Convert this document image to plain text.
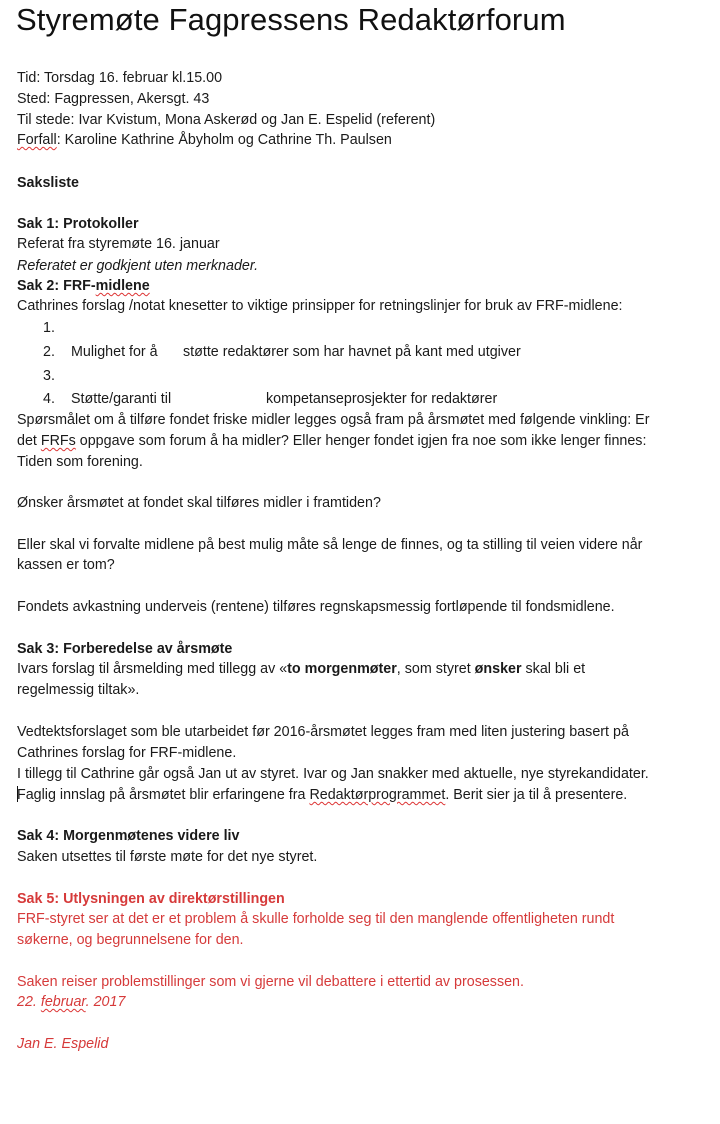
Styremøte Fagpressens Redaktørforum
Tid: Torsdag 16. februar kl.15.00
Sted: Fagpressen, Akersgt. 43
Til stede: Ivar Kvistum, Mona Askerød og Jan E. Espelid (referent)
Forfall: Karoline Kathrine Åbyholm og Cathrine Th. Paulsen
Saksliste
Sak 1: Protokoller
Referat fra styremøte 16. januar
Referatet er godkjent uten merknader.
Sak 2: FRF-midlene
Cathrines forslag /notat knesetter to viktige prinsipper for retningslinjer for bruk av FRF-midlene:
1.
2. Mulighet for å støtte redaktører som har havnet på kant med utgiver
3.
4. Støtte/garanti til	kompetanseprosjekter for redaktører
Spørsmålet om å tilføre fondet friske midler legges også fram på årsmøtet med følgende vinkling: Er
det FRFs oppgave som forum å ha midler? Eller henger fondet igjen fra noe som ikke lenger finnes:
Tiden som forening.
Ønsker årsmøtet at fondet skal tilføres midler i framtiden?
Eller skal vi forvalte midlene på best mulig måte så lenge de finnes, og ta stilling til veien videre når
kassen er tom?
Fondets avkastning underveis (rentene) tilføres regnskapsmessig fortløpende til fondsmidlene.
Sak 3: Forberedelse av årsmøte
Ivars forslag til årsmelding med tillegg av «to morgenmøter, som styret ønsker skal bli et
regelmessig tiltak».
Vedtektsforslaget som ble utarbeidet før 2016-årsmøtet legges fram med liten justering basert på
Cathrines forslag for FRF-midlene.
I tillegg til Cathrine går også Jan ut av styret. Ivar og Jan snakker med aktuelle, nye styrekandidater.
Faglig innslag på årsmøtet blir erfaringene fra Redaktørprogrammet. Berit sier ja til å presentere.
Sak 4: Morgenmøtenes videre liv
Saken utsettes til første møte for det nye styret.
Sak 5: Utlysningen av direktørstillingen
FRF-styret ser at det er et problem å skulle forholde seg til den manglende offentligheten rundt
søkerne, og begrunnelsene for den.
Saken reiser problemstillinger som vi gjerne vil debattere i ettertid av prosessen.
22. februar. 2017
Jan E. Espelid
